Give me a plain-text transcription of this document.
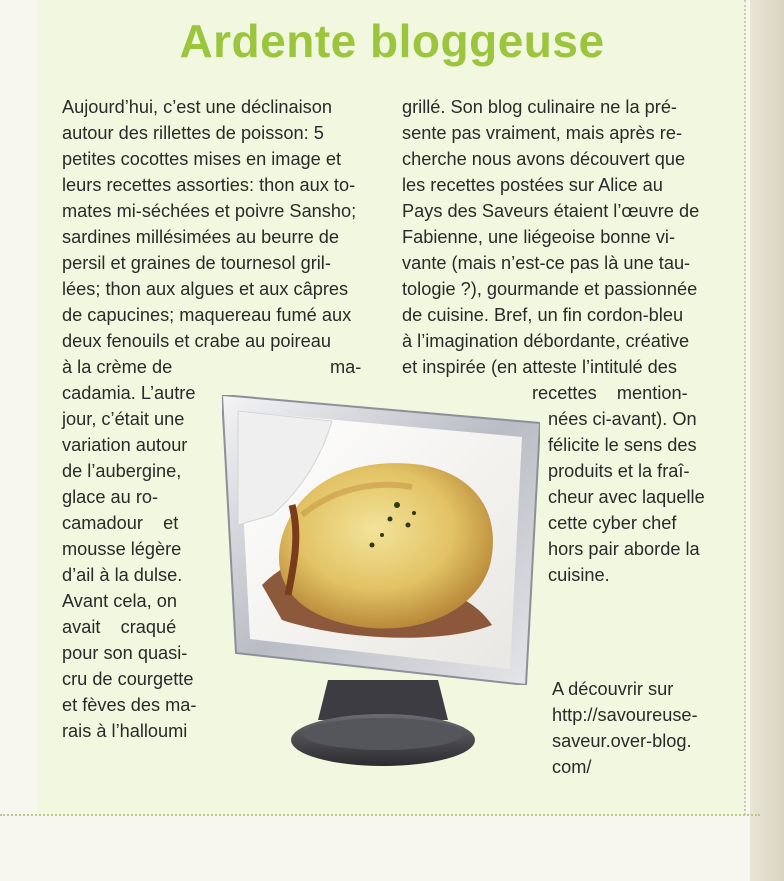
Ardente bloggeuse
Aujourd’hui, c’est une déclinaison
autour des rillettes de poisson: 5
petites cocottes mises en image et
leurs recettes assorties: thon aux to-
mates mi-séchées et poivre Sansho;
sardines millésimées au beurre de
persil et graines de tournesol gril-
lées; thon aux algues et aux câpres
de capucines; maquereau fumé aux
deux fenouils et crabe au poireau
à la crème de	ma-
cadamia. L’autre
jour, c’était une
variation autour
de l’aubergine,
glace au ro-
camadour    et
mousse légère
d’ail à la dulse.
Avant cela, on
avait    craqué
pour son quasi-
cru de courgette
et fèves des ma-
rais à l’halloumi
grillé. Son blog culinaire ne la pré-
sente pas vraiment, mais après re-
cherche nous avons découvert que
les recettes postées sur Alice au
Pays des Saveurs étaient l’œuvre de
Fabienne, une liégeoise bonne vi-
vante (mais n’est-ce pas là une tau-
tologie ?), gourmande et passionnée
de cuisine. Bref, un fin cordon-bleu
à l’imagination débordante, créative
et inspirée (en atteste l’intitulé des
recettes    mention-
nées ci-avant). On
félicite le sens des
produits et la fraî-
cheur avec laquelle
cette cyber chef
hors pair aborde la
cuisine.
A découvrir sur
http://savoureuse-
saveur.over-blog.
com/
